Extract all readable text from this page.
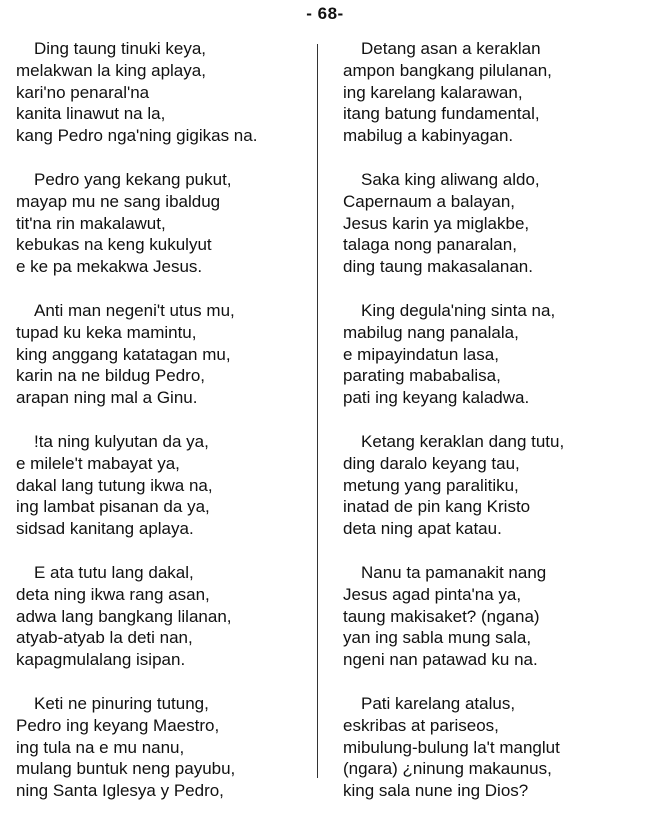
- 68-
Ding taung tinuki keya,
melakwan la king aplaya,
kari'no penaral'na
kanita linawut na la,
kang Pedro nga'ning gigikas na.
Pedro yang kekang pukut,
mayap mu ne sang ibaldug
tit'na rin makalawut,
kebukas na keng kukulyut
e ke pa mekakwa Jesus.
Anti man negeni't utus mu,
tupad ku keka mamintu,
king anggang katatagan mu,
karin na ne bildug Pedro,
arapan ning mal a Ginu.
!ta ning kulyutan da ya,
e milele't mabayat ya,
dakal lang tutung ikwa na,
ing lambat pisanan da ya,
sidsad kanitang aplaya.
E ata tutu lang dakal,
deta ning ikwa rang asan,
adwa lang bangkang lilanan,
atyab-atyab la deti nan,
kapagmulalang isipan.
Keti ne pinuring tutung,
Pedro ing keyang Maestro,
ing tula na e mu nanu,
mulang buntuk neng payubu,
ning Santa Iglesya y Pedro,
Detang asan a keraklan
ampon bangkang pilulanan,
ing karelang kalarawan,
itang batung fundamental,
mabilug a kabinyagan.
Saka king aliwang aldo,
Capernaum a balayan,
Jesus karin ya miglakbe,
talaga nong panaralan,
ding taung makasalanan.
King degula'ning sinta na,
mabilug nang panalala,
e mipayindatun lasa,
parating mababalisa,
pati ing keyang kaladwa.
Ketang keraklan dang tutu,
ding daralo keyang tau,
metung yang paralitiku,
inatad de pin kang Kristo
deta ning apat katau.
Nanu ta pamanakit nang
Jesus agad pinta'na ya,
taung makisaket? (ngana)
yan ing sabla mung sala,
ngeni nan patawad ku na.
Pati karelang atalus,
eskribas at pariseos,
mibulung-bulung la't manglut
(ngara) ¿ninung makaunus,
king sala nune ing Dios?
